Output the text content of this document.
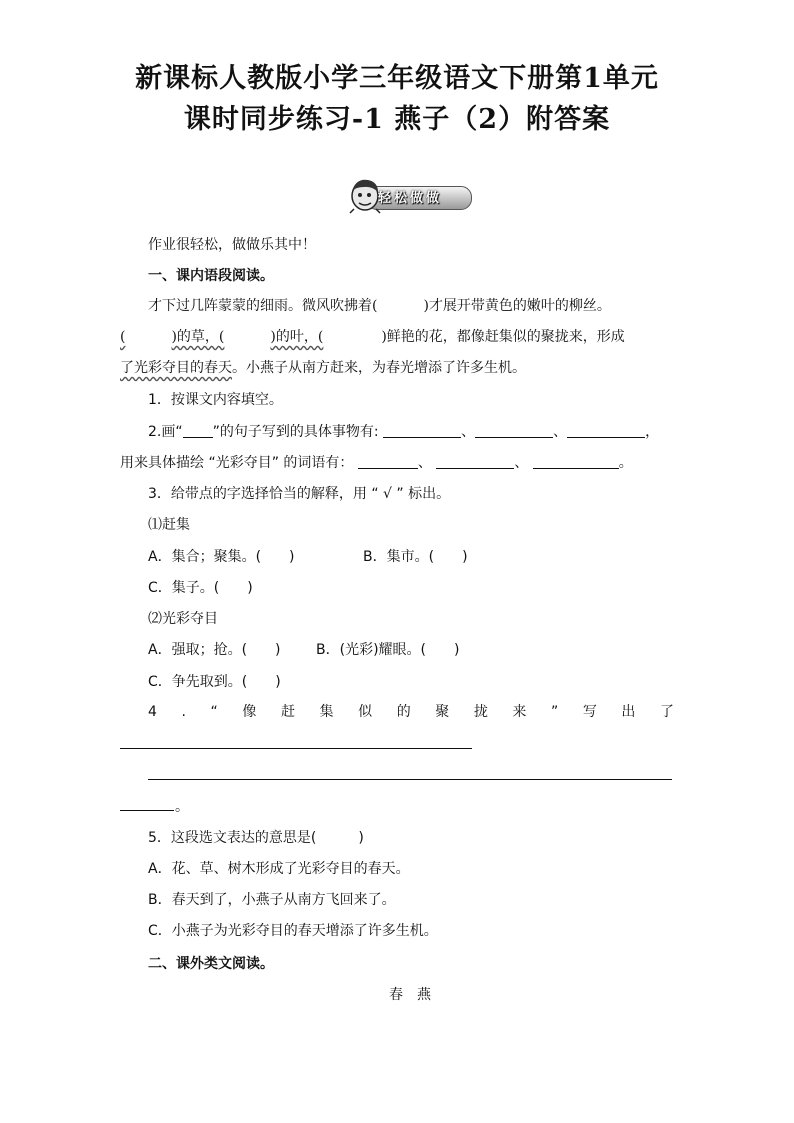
新课标人教版小学三年级语文下册第1单元
课时同步练习-1 燕子（2）附答案
轻松做做
作业很轻松，做做乐其中！
一、课内语段阅读。
才下过几阵蒙蒙的细雨。微风吹拂着(	)才展开带黄色的嫩叶的柳丝。
(	)的草，(	)的叶，(	)鲜艳的花，都像赶集似的聚拢来，形成
了光彩夺目的春天。小燕子从南方赶来，为春光增添了许多生机。
1．按课文内容填空。
2.画“ ”的句子写到的具体事物有:	、	、	，
用来具体描绘 “光彩夺目” 的词语有：	、	、	。
3．给带点的字选择恰当的解释，用 “ √ ” 标出。
⑴赶集
A．集合；聚集。(　　)	B．集市。(　　)
C．集子。(　　)
⑵光彩夺目
A．强取；抢。(　　)	B．(光彩)耀眼。(　　)
C．争先取到。(　　)
4 . “ 像 赶 集 似 的 聚 拢 来 ” 写 出 了
。
5．这段选文表达的意思是(　　　)
A．花、草、树木形成了光彩夺目的春天。
B．春天到了，小燕子从南方飞回来了。
C．小燕子为光彩夺目的春天增添了许多生机。
二、课外类文阅读。
春　燕
